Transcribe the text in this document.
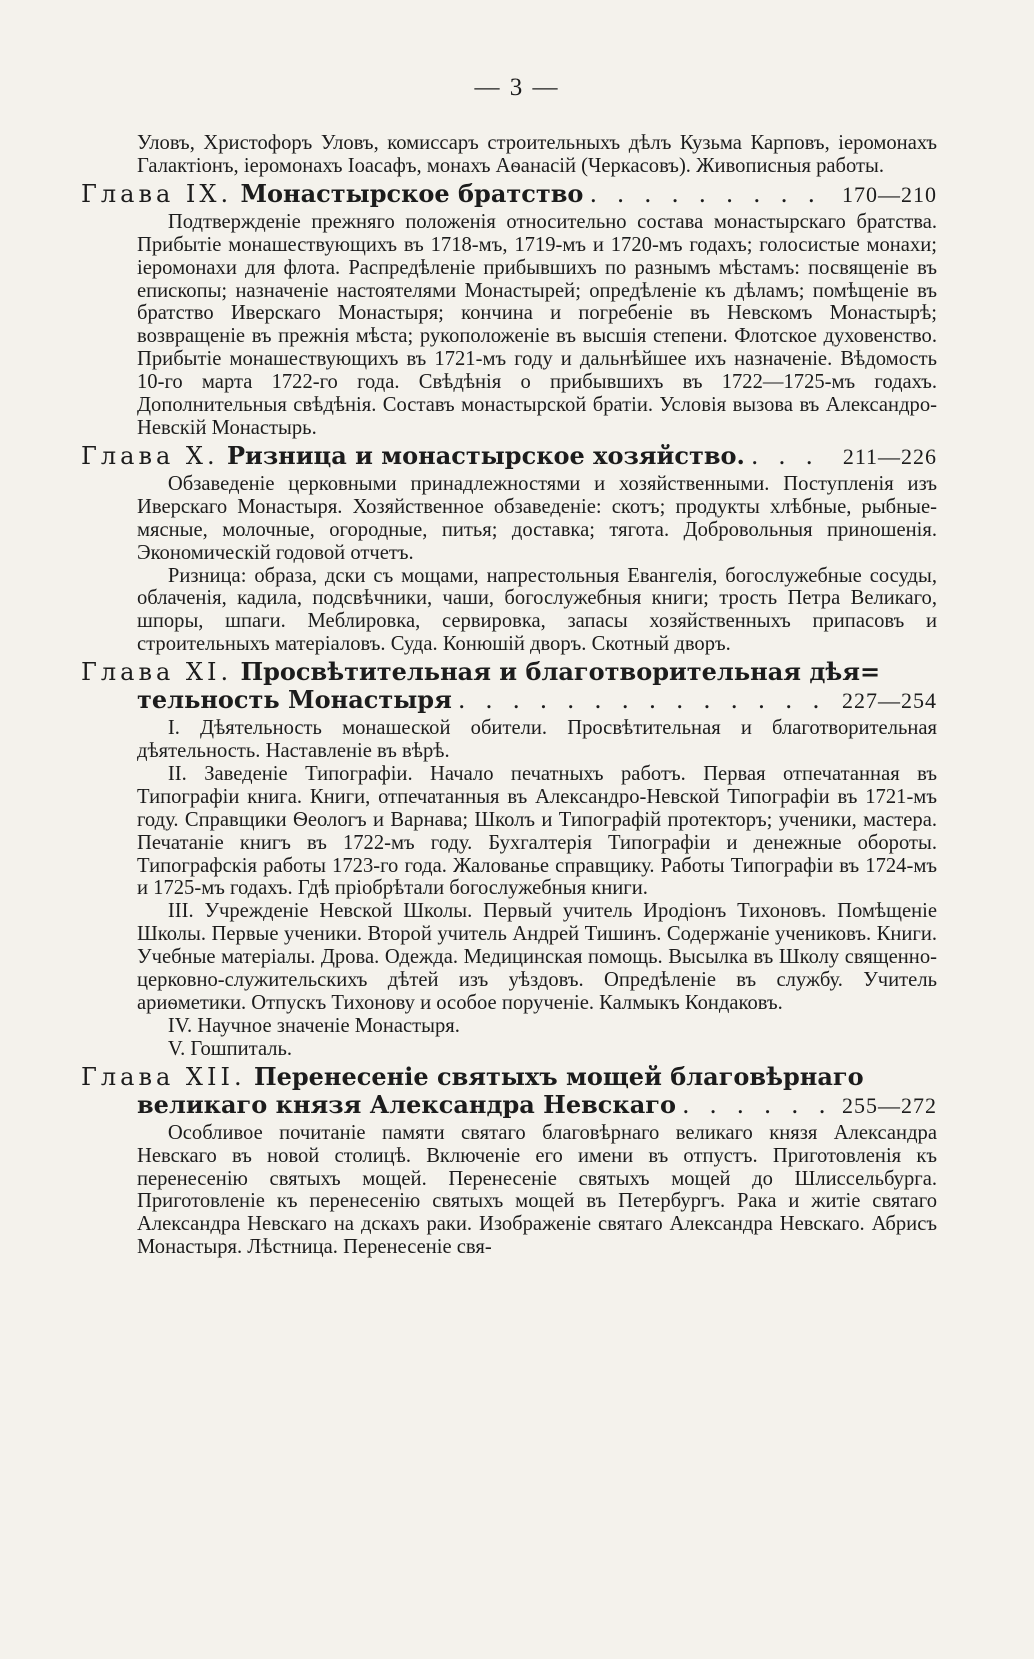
— 3 —
Уловъ, Христофоръ Уловъ, комиссаръ строительныхъ дѣлъ Кузьма Карповъ, іеромонахъ Галактіонъ, іеромонахъ Іоасафъ, монахъ Аѳанасій (Черкасовъ). Живописныя работы.
Глава IX. Монастырское братство . . . . . . . . . 170—210
Подтвержденіе прежняго положенія относительно состава монастырскаго братства. Прибытіе монашествующихъ въ 1718-мъ, 1719-мъ и 1720-мъ годахъ; голосистые монахи; іеромонахи для флота. Распредѣленіе прибывшихъ по разнымъ мѣстамъ: посвященіе въ епископы; назначеніе настоятелями Монастырей; опредѣленіе къ дѣламъ; помѣщеніе въ братство Иверскаго Монастыря; кончина и погребеніе въ Невскомъ Монастырѣ; возвращеніе въ прежнія мѣста; рукоположеніе въ высшія степени. Флотское духовенство. Прибытіе монашествующихъ въ 1721-мъ году и дальнѣйшее ихъ назначеніе. Вѣдомость 10-го марта 1722-го года. Свѣдѣнія о прибывшихъ въ 1722—1725-мъ годахъ. Дополнительныя свѣдѣнія. Составъ монастырской братіи. Условія вызова въ Александро-Невскій Монастырь.
Глава X. Ризница и монастырское хозяйство. . . .	211—226
Обзаведеніе церковными принадлежностями и хозяйственными. Поступленія изъ Иверскаго Монастыря. Хозяйственное обзаведеніе: скотъ; продукты хлѣбные, рыбные-мясные, молочные, огородные, питья; доставка; тягота. Добровольныя приношенія. Экономическій годовой отчетъ.
Ризница: образа, дски съ мощами, напрестольныя Евангелія, богослужебные сосуды, облаченія, кадила, подсвѣчники, чаши, богослужебныя книги; трость Петра Великаго, шпоры, шпаги. Меблировка, сервировка, запасы хозяйственныхъ припасовъ и строительныхъ матеріаловъ. Суда. Конюшій дворъ. Скотный дворъ.
Глава XI. Просвѣтительная и благотворительная дѣя=
тельность Монастыря . . . . . . . . . . . . . . 227—254
I. Дѣятельность монашеской обители. Просвѣтительная и благотворительная дѣятельность. Наставленіе въ вѣрѣ.
II. Заведеніе Типографіи. Начало печатныхъ работъ. Первая отпечатанная въ Типографіи книга. Книги, отпечатанныя въ Александро-Невской Типографіи въ 1721-мъ году. Справщики Ѳеологъ и Варнава; Школъ и Типографій протекторъ; ученики, мастера. Печатаніе книгъ въ 1722-мъ году. Бухгалтерія Типографіи и денежные обороты. Типографскія работы 1723-го года. Жалованье справщику. Работы Типографіи въ 1724-мъ и 1725-мъ годахъ. Гдѣ пріобрѣтали богослужебныя книги.
III. Учрежденіе Невской Школы. Первый учитель Иродіонъ Тихоновъ. Помѣщеніе Школы. Первые ученики. Второй учитель Андрей Тишинъ. Содержаніе учениковъ. Книги. Учебные матеріалы. Дрова. Одежда. Медицинская помощь. Высылка въ Школу священно-церковно-служительскихъ дѣтей изъ уѣздовъ. Опредѣленіе въ службу. Учитель ариѳметики. Отпускъ Тихонову и особое порученіе. Калмыкъ Кондаковъ.
IV. Научное значеніе Монастыря.
V. Гошпиталь.
Глава XII. Перенесеніе святыхъ мощей благовѣрнаго
великаго князя Александра Невскаго . . . . . . 255—272
Особливое почитаніе памяти святаго благовѣрнаго великаго князя Александра Невскаго въ новой столицѣ. Включеніе его имени въ отпустъ. Приготовленія къ перенесенію святыхъ мощей. Перенесеніе святыхъ мощей до Шлиссельбурга. Приготовленіе къ перенесенію святыхъ мощей въ Петербургъ. Рака и житіе святаго Александра Невскаго на дскахъ раки. Изображеніе святаго Александра Невскаго. Абрисъ Монастыря. Лѣстница. Перенесеніе свя-
